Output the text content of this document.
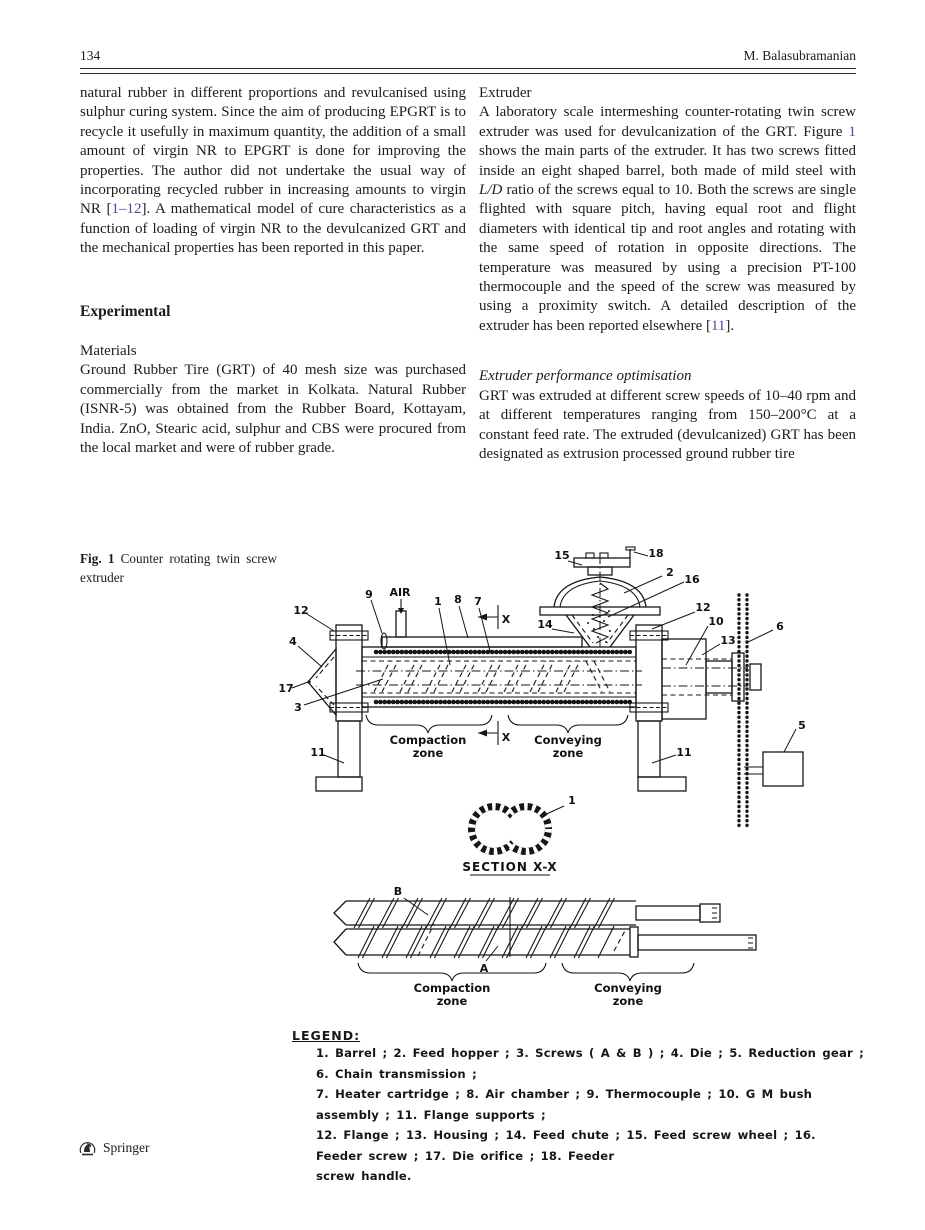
134	M. Balasubramanian

natural rubber in different proportions and revulcanised using sulphur curing system. Since the aim of producing EPGRT is to recycle it usefully in maximum quantity, the addition of a small amount of virgin NR to EPGRT is done for improving the properties. The author did not undertake the usual way of incorporating recycled rubber in increasing amounts to virgin NR [1–12]. A mathematical model of cure characteristics as a function of loading of virgin NR to the devulcanized GRT and the mechanical properties has been reported in this paper.

Experimental
Materials

Ground Rubber Tire (GRT) of 40 mesh size was purchased commercially from the market in Kolkata. Natural Rubber (ISNR-5) was obtained from the Rubber Board, Kottayam, India. ZnO, Stearic acid, sulphur and CBS were procured from the local market and were of rubber grade.

Extruder

A laboratory scale intermeshing counter-rotating twin screw extruder was used for devulcanization of the GRT. Figure 1 shows the main parts of the extruder. It has two screws fitted inside an eight shaped barrel, both made of mild steel with L/D ratio of the screws equal to 10. Both the screws are single flighted with square pitch, having equal root and flight diameters with identical tip and root angles and rotating with the same speed of rotation in opposite directions. The temperature was measured by using a precision PT-100 thermocouple and the speed of the screw was measured by using a proximity switch. A detailed description of the extruder has been reported elsewhere [11].

Extruder performance optimisation

GRT was extruded at different screw speeds of 10–40 rpm and at different temperatures ranging from 150–200°C at a constant feed rate. The extruded (devulcanized) GRT has been designated as extrusion processed ground rubber tire

Fig. 1 Counter rotating twin screw extruder
X
X
Compaction
zone
Conveying
zone
15	18
2
16
12
10
13
6
5
12
9 AIR
1 8 7
14
4
17
3
11	11
1
SECTION X-X
B
A
Compaction
zone
Conveying
zone
LEGEND:
1. Barrel ; 2. Feed hopper ; 3. Screws ( A & B ) ; 4. Die ; 5. Reduction gear ; 6. Chain transmission ;
7. Heater cartridge ; 8. Air chamber ; 9. Thermocouple ; 10. G M bush assembly ; 11. Flange supports ;
12. Flange ; 13. Housing ; 14. Feed chute ; 15. Feed screw wheel ; 16. Feeder screw ; 17. Die orifice ; 18. Feeder
screw handle.
Springer
